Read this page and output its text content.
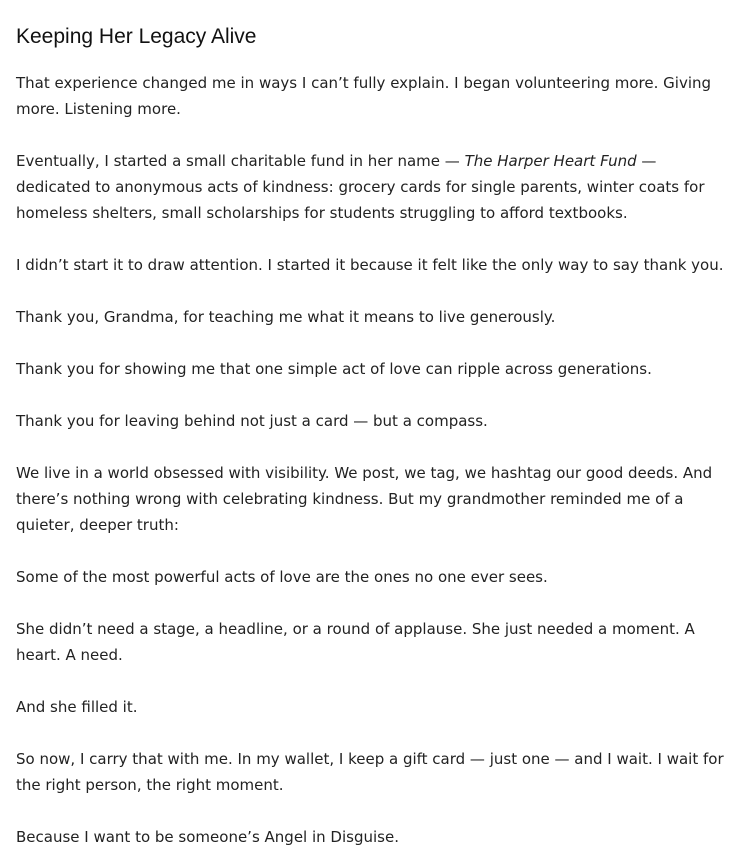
Keeping Her Legacy Alive

That experience changed me in ways I can’t fully explain. I began volunteering more. Giving more. Listening more.

Eventually, I started a small charitable fund in her name — The Harper Heart Fund — dedicated to anonymous acts of kindness: grocery cards for single parents, winter coats for homeless shelters, small scholarships for students struggling to afford textbooks.

I didn’t start it to draw attention. I started it because it felt like the only way to say thank you.

Thank you, Grandma, for teaching me what it means to live generously.

Thank you for showing me that one simple act of love can ripple across generations.

Thank you for leaving behind not just a card — but a compass.

We live in a world obsessed with visibility. We post, we tag, we hashtag our good deeds. And there’s nothing wrong with celebrating kindness. But my grandmother reminded me of a quieter, deeper truth:

Some of the most powerful acts of love are the ones no one ever sees.

She didn’t need a stage, a headline, or a round of applause. She just needed a moment. A heart. A need.

And she filled it.

So now, I carry that with me. In my wallet, I keep a gift card — just one — and I wait. I wait for the right person, the right moment.

Because I want to be someone’s Angel in Disguise.
